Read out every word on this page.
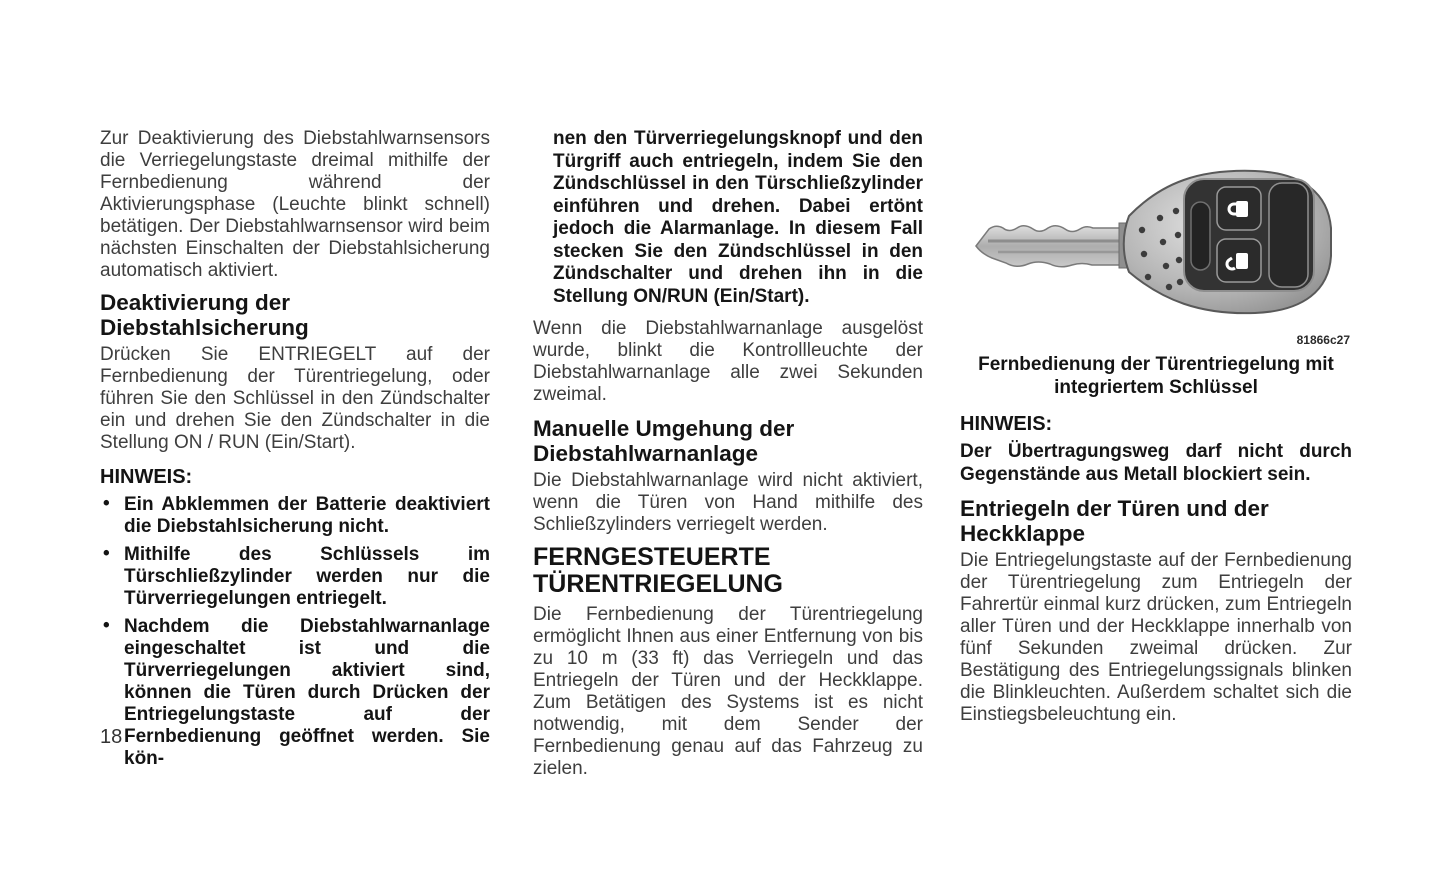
Zur Deaktivierung des Diebstahlwarnsensors die Verriegelungstaste dreimal mithilfe der Fernbedienung während der Aktivierungsphase (Leuchte blinkt schnell) betätigen. Der Diebstahlwarnsensor wird beim nächsten Einschalten der Diebstahlsicherung automatisch aktiviert.

Deaktivierung der Diebstahlsicherung

Drücken Sie ENTRIEGELT auf der Fernbedienung der Türentriegelung, oder führen Sie den Schlüssel in den Zündschalter ein und drehen Sie den Zündschalter in die Stellung ON / RUN (Ein/Start).

HINWEIS:
• Ein Abklemmen der Batterie deaktiviert die Diebstahlsicherung nicht.
• Mithilfe des Schlüssels im Türschließzylinder werden nur die Türverriegelungen entriegelt.
• Nachdem die Diebstahlwarnanlage eingeschaltet ist und die Türverriegelungen aktiviert sind, können die Türen durch Drücken der Entriegelungstaste auf der Fernbedienung geöffnet werden. Sie kön-

nen den Türverriegelungsknopf und den Türgriff auch entriegeln, indem Sie den Zündschlüssel in den Türschließzylinder einführen und drehen. Dabei ertönt jedoch die Alarmanlage. In diesem Fall stecken Sie den Zündschlüssel in den Zündschalter und drehen ihn in die Stellung ON/RUN (Ein/Start).

Wenn die Diebstahlwarnanlage ausgelöst wurde, blinkt die Kontrollleuchte der Diebstahlwarnanlage alle zwei Sekunden zweimal.

Manuelle Umgehung der Diebstahlwarnanlage

Die Diebstahlwarnanlage wird nicht aktiviert, wenn die Türen von Hand mithilfe des Schließzylinders verriegelt werden.

FERNGESTEUERTE TÜRENTRIEGELUNG

Die Fernbedienung der Türentriegelung ermöglicht Ihnen aus einer Entfernung von bis zu 10 m (33 ft) das Verriegeln und das Entriegeln der Türen und der Heckklappe. Zum Betätigen des Systems ist es nicht notwendig, mit dem Sender der Fernbedienung genau auf das Fahrzeug zu zielen.

81866c27
Fernbedienung der Türentriegelung mit integriertem Schlüssel
HINWEIS:

Der Übertragungsweg darf nicht durch Gegenstände aus Metall blockiert sein.

Entriegeln der Türen und der Heckklappe

Die Entriegelungstaste auf der Fernbedienung der Türentriegelung zum Entriegeln der Fahrertür einmal kurz drücken, zum Entriegeln aller Türen und der Heckklappe innerhalb von fünf Sekunden zweimal drücken. Zur Bestätigung des Entriegelungssignals blinken die Blinkleuchten. Außerdem schaltet sich die Einstiegsbeleuchtung ein.

18
